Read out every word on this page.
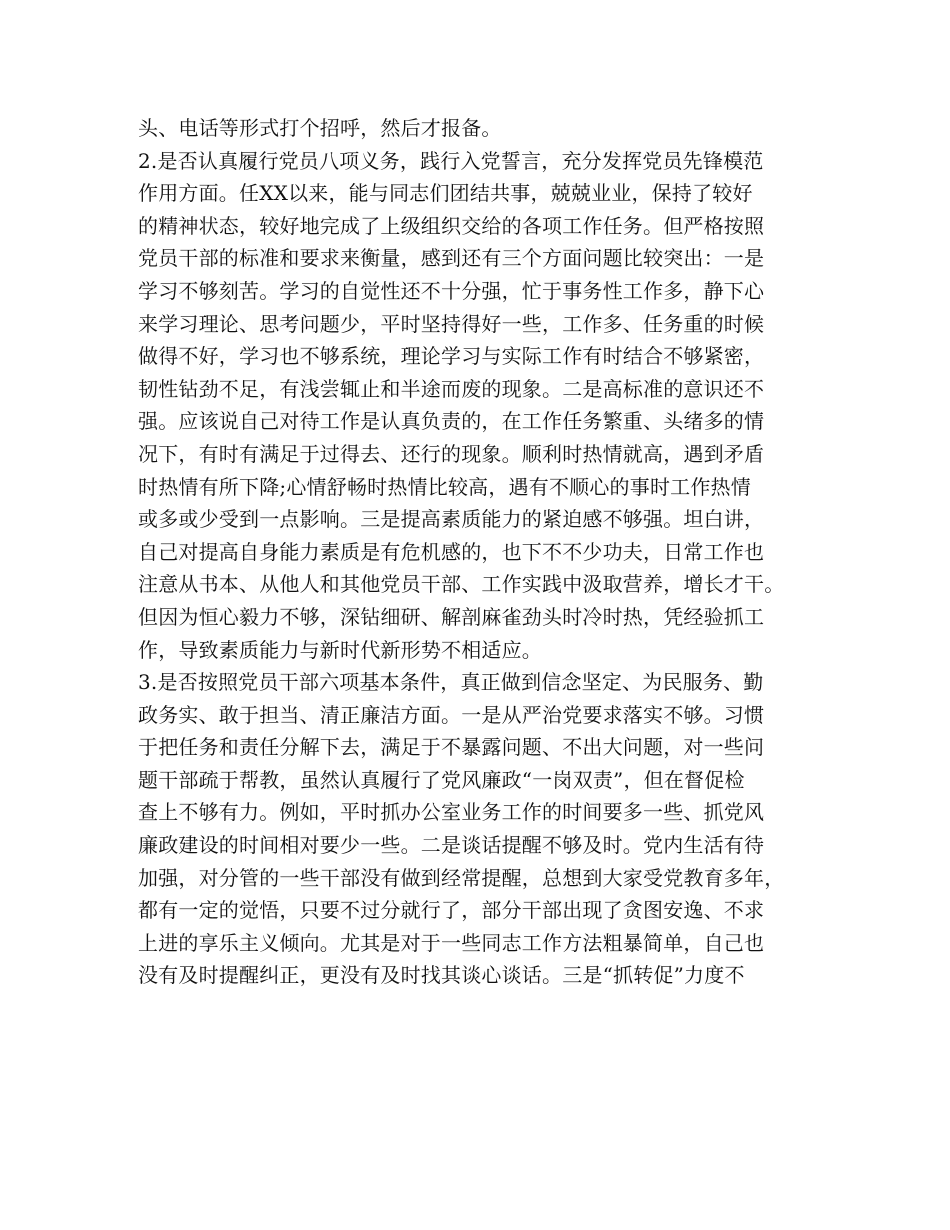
头、电话等形式打个招呼，然后才报备。
2.是否认真履行党员八项义务，践行入党誓言，充分发挥党员先锋模范
作用方面。任XX以来，能与同志们团结共事，兢兢业业，保持了较好
的精神状态，较好地完成了上级组织交给的各项工作任务。但严格按照
党员干部的标准和要求来衡量，感到还有三个方面问题比较突出：一是
学习不够刻苦。学习的自觉性还不十分强，忙于事务性工作多，静下心
来学习理论、思考问题少，平时坚持得好一些，工作多、任务重的时候
做得不好，学习也不够系统，理论学习与实际工作有时结合不够紧密，
韧性钻劲不足，有浅尝辄止和半途而废的现象。二是高标准的意识还不
强。应该说自己对待工作是认真负责的，在工作任务繁重、头绪多的情
况下，有时有满足于过得去、还行的现象。顺利时热情就高，遇到矛盾
时热情有所下降;心情舒畅时热情比较高，遇有不顺心的事时工作热情
或多或少受到一点影响。三是提高素质能力的紧迫感不够强。坦白讲，
自己对提高自身能力素质是有危机感的，也下不不少功夫，日常工作也
注意从书本、从他人和其他党员干部、工作实践中汲取营养，增长才干。
但因为恒心毅力不够，深钻细研、解剖麻雀劲头时冷时热，凭经验抓工
作，导致素质能力与新时代新形势不相适应。
3.是否按照党员干部六项基本条件，真正做到信念坚定、为民服务、勤
政务实、敢于担当、清正廉洁方面。一是从严治党要求落实不够。习惯
于把任务和责任分解下去，满足于不暴露问题、不出大问题，对一些问
题干部疏于帮教，虽然认真履行了党风廉政“一岗双责”，但在督促检
查上不够有力。例如，平时抓办公室业务工作的时间要多一些、抓党风
廉政建设的时间相对要少一些。二是谈话提醒不够及时。党内生活有待
加强，对分管的一些干部没有做到经常提醒，总想到大家受党教育多年，
都有一定的觉悟，只要不过分就行了，部分干部出现了贪图安逸、不求
上进的享乐主义倾向。尤其是对于一些同志工作方法粗暴简单，自己也
没有及时提醒纠正，更没有及时找其谈心谈话。三是“抓转促”力度不
